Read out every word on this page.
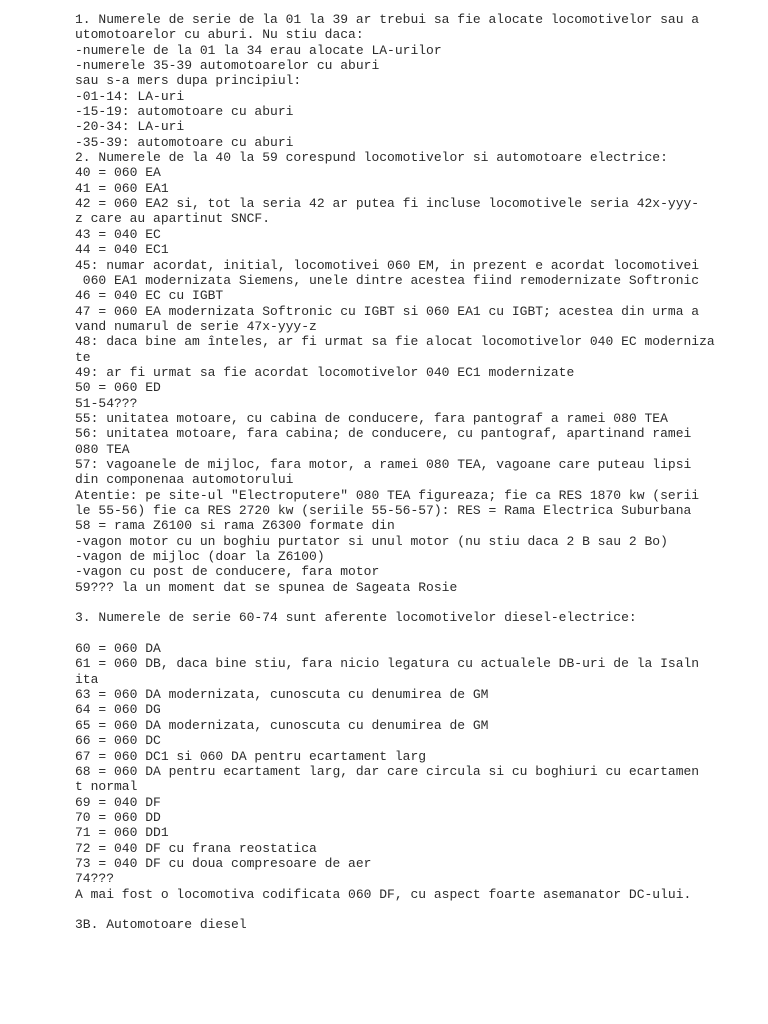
1. Numerele de serie de la 01 la 39 ar trebui sa fie alocate locomotivelor sau a
utomotoarelor cu aburi. Nu stiu daca:
-numerele de la 01 la 34 erau alocate LA-urilor
-numerele 35-39 automotoarelor cu aburi
sau s-a mers dupa principiul:
-01-14: LA-uri
-15-19: automotoare cu aburi
-20-34: LA-uri
-35-39: automotoare cu aburi
2. Numerele de la 40 la 59 corespund locomotivelor si automotoare electrice:
40 = 060 EA
41 = 060 EA1
42 = 060 EA2 si, tot la seria 42 ar putea fi incluse locomotivele seria 42x-yyy-
z care au apartinut SNCF.
43 = 040 EC
44 = 040 EC1
45: numar acordat, initial, locomotivei 060 EM, in prezent e acordat locomotivei
060 EA1 modernizata Siemens, unele dintre acestea fiind remodernizate Softronic
46 = 040 EC cu IGBT
47 = 060 EA modernizata Softronic cu IGBT si 060 EA1 cu IGBT; acestea din urma a
vand numarul de serie 47x-yyy-z
48: daca bine am înteles, ar fi urmat sa fie alocat locomotivelor 040 EC moderniza
te
49: ar fi urmat sa fie acordat locomotivelor 040 EC1 modernizate
50 = 060 ED
51-54???
55: unitatea motoare, cu cabina de conducere, fara pantograf a ramei 080 TEA
56: unitatea motoare, fara cabina; de conducere, cu pantograf, apartinand ramei
080 TEA
57: vagoanele de mijloc, fara motor, a ramei 080 TEA, vagoane care puteau lipsi
din componenaa automotorului
Atentie: pe site-ul "Electroputere" 080 TEA figureaza; fie ca RES 1870 kw (serii
le 55-56) fie ca RES 2720 kw (seriile 55-56-57): RES = Rama Electrica Suburbana
58 = rama Z6100 si rama Z6300 formate din
-vagon motor cu un boghiu purtator si unul motor (nu stiu daca 2 B sau 2 Bo)
-vagon de mijloc (doar la Z6100)
-vagon cu post de conducere, fara motor
59??? la un moment dat se spunea de Sageata Rosie
3. Numerele de serie 60-74 sunt aferente locomotivelor diesel-electrice:
60 = 060 DA
61 = 060 DB, daca bine stiu, fara nicio legatura cu actualele DB-uri de la Isaln
ita
63 = 060 DA modernizata, cunoscuta cu denumirea de GM
64 = 060 DG
65 = 060 DA modernizata, cunoscuta cu denumirea de GM
66 = 060 DC
67 = 060 DC1 si 060 DA pentru ecartament larg
68 = 060 DA pentru ecartament larg, dar care circula si cu boghiuri cu ecartamen
t normal
69 = 040 DF
70 = 060 DD
71 = 060 DD1
72 = 040 DF cu frana reostatica
73 = 040 DF cu doua compresoare de aer
74???
A mai fost o locomotiva codificata 060 DF, cu aspect foarte asemanator DC-ului.
3B. Automotoare diesel
